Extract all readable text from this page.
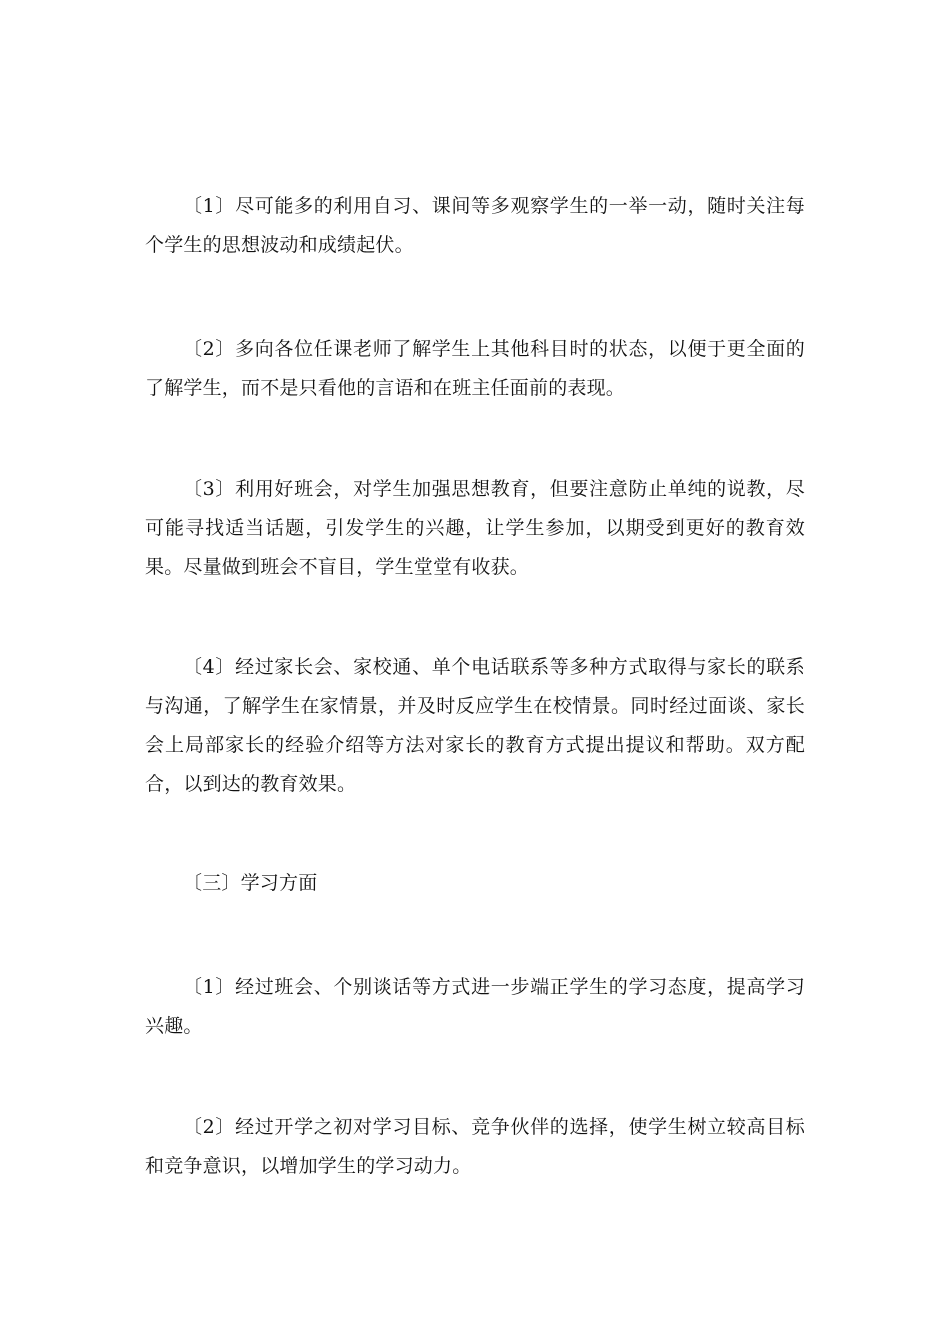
〔1〕尽可能多的利用自习、课间等多观察学生的一举一动，随时关注每个学生的思想波动和成绩起伏。

〔2〕多向各位任课老师了解学生上其他科目时的状态，以便于更全面的了解学生，而不是只看他的言语和在班主任面前的表现。

〔3〕利用好班会，对学生加强思想教育，但要注意防止单纯的说教，尽可能寻找适当话题，引发学生的兴趣，让学生参加，以期受到更好的教育效果。尽量做到班会不盲目，学生堂堂有收获。

〔4〕经过家长会、家校通、单个电话联系等多种方式取得与家长的联系与沟通，了解学生在家情景，并及时反应学生在校情景。同时经过面谈、家长会上局部家长的经验介绍等方法对家长的教育方式提出提议和帮助。双方配合，以到达的教育效果。

〔三〕学习方面

〔1〕经过班会、个别谈话等方式进一步端正学生的学习态度，提高学习兴趣。

〔2〕经过开学之初对学习目标、竞争伙伴的选择，使学生树立较高目标和竞争意识，以增加学生的学习动力。
